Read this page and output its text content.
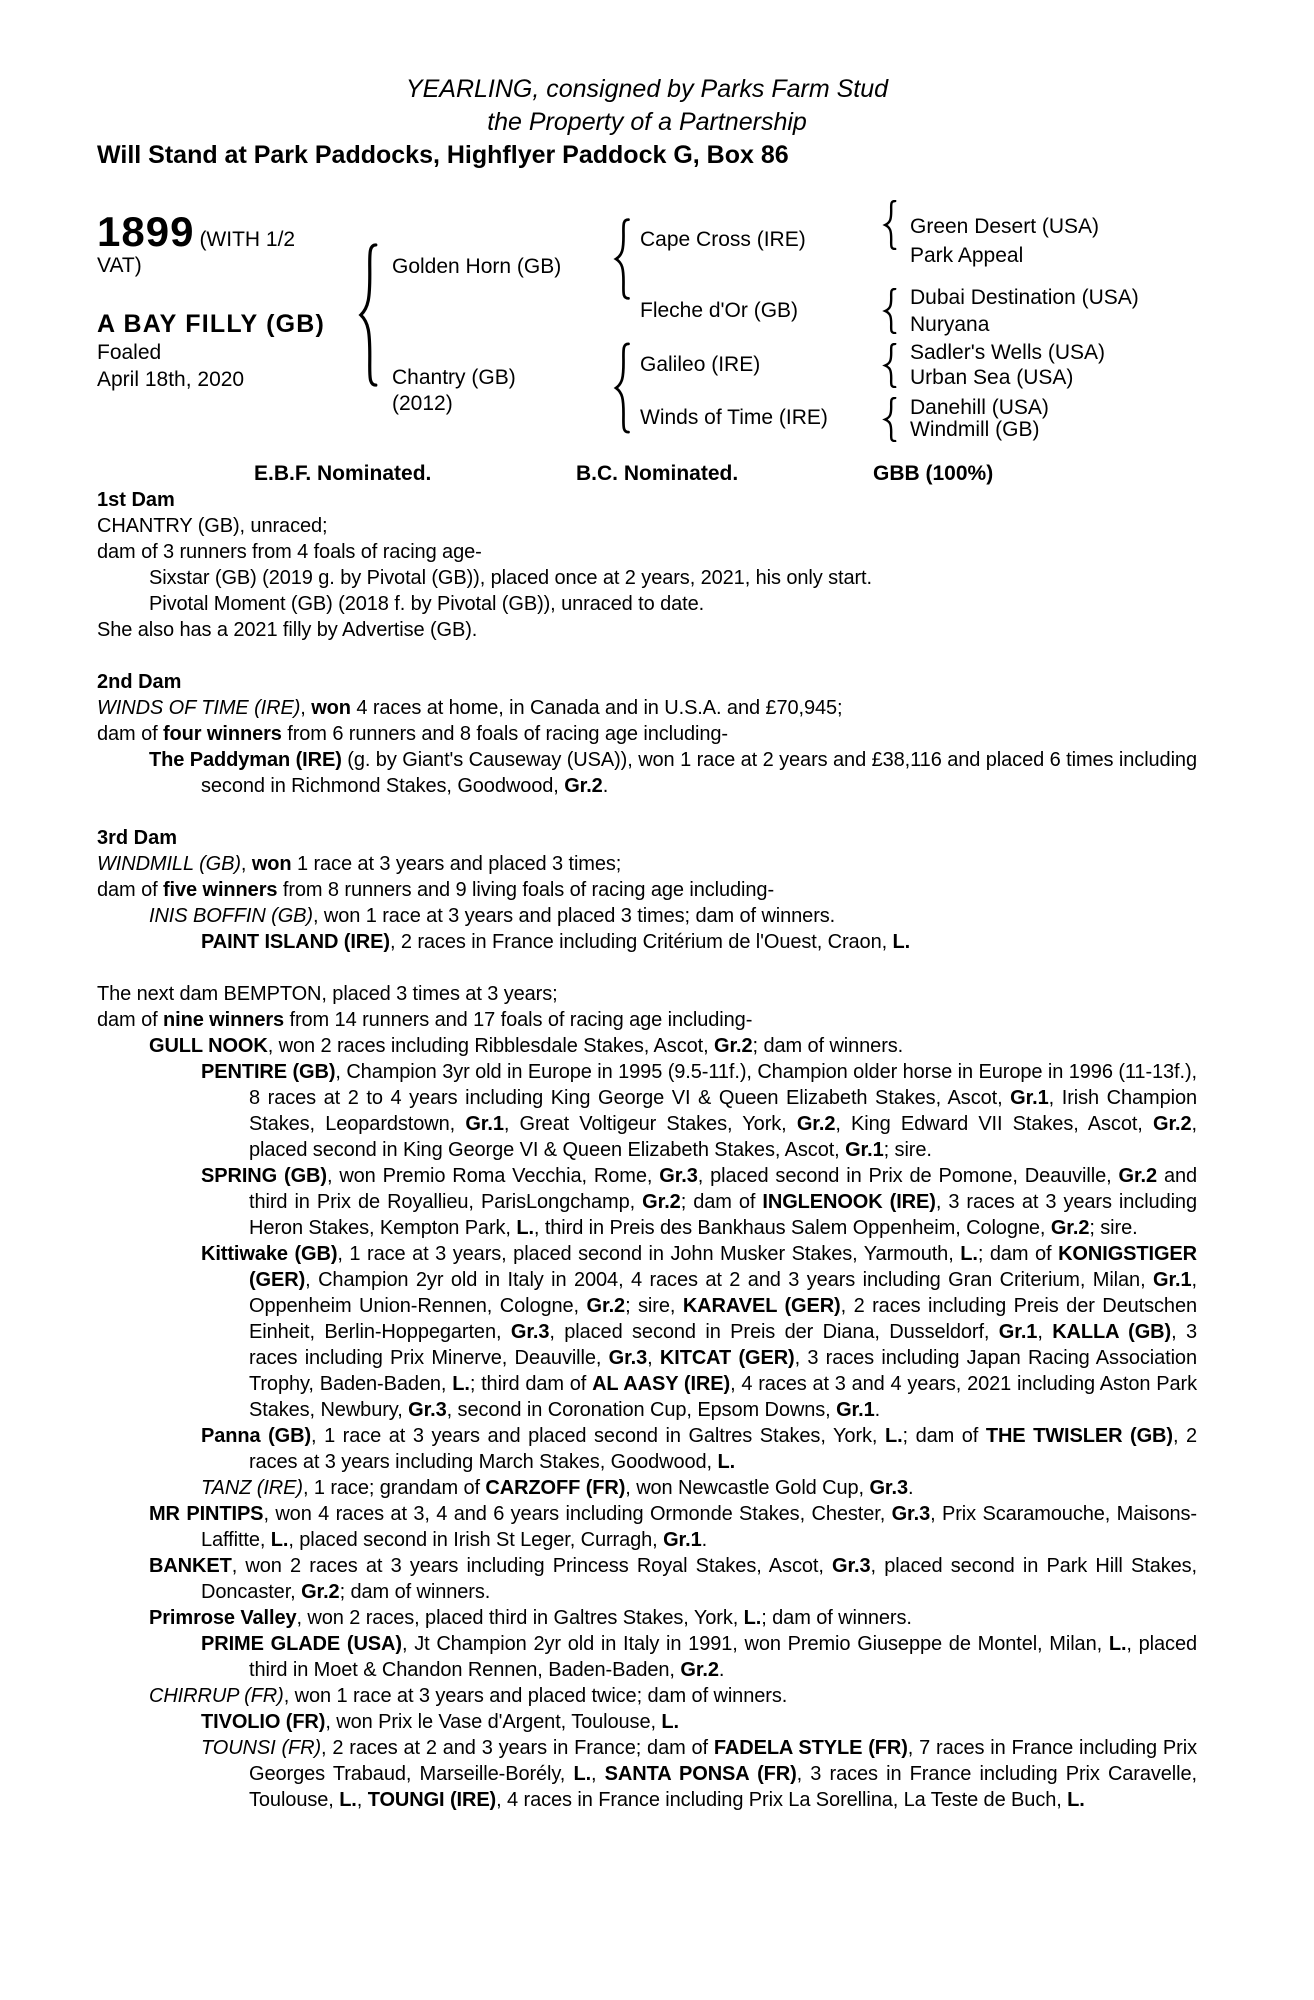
YEARLING, consigned by Parks Farm Stud
the Property of a Partnership
Will Stand at Park Paddocks, Highflyer Paddock G, Box 86
1899 (WITH 1/2 VAT)
A BAY FILLY (GB)
Foaled
April 18th, 2020
Golden Horn (GB)
Chantry (GB)
(2012)
Cape Cross (IRE)
Fleche d'Or (GB)
Galileo (IRE)
Winds of Time (IRE)
Green Desert (USA)
Park Appeal
Dubai Destination (USA)
Nuryana
Sadler's Wells (USA)
Urban Sea (USA)
Danehill (USA)
Windmill (GB)
E.B.F. Nominated.	B.C. Nominated.	GBB (100%)
1st Dam
CHANTRY (GB), unraced;
dam of 3 runners from 4 foals of racing age-
Sixstar (GB) (2019 g. by Pivotal (GB)), placed once at 2 years, 2021, his only start.
Pivotal Moment (GB) (2018 f. by Pivotal (GB)), unraced to date.
She also has a 2021 filly by Advertise (GB).
2nd Dam
WINDS OF TIME (IRE), won 4 races at home, in Canada and in U.S.A. and £70,945;
dam of four winners from 6 runners and 8 foals of racing age including-
The Paddyman (IRE) (g. by Giant's Causeway (USA)), won 1 race at 2 years and £38,116 and placed 6 times including second in Richmond Stakes, Goodwood, Gr.2.
3rd Dam
WINDMILL (GB), won 1 race at 3 years and placed 3 times;
dam of five winners from 8 runners and 9 living foals of racing age including-
INIS BOFFIN (GB), won 1 race at 3 years and placed 3 times; dam of winners.
PAINT ISLAND (IRE), 2 races in France including Critérium de l'Ouest, Craon, L.
The next dam BEMPTON, placed 3 times at 3 years;
dam of nine winners from 14 runners and 17 foals of racing age including-
GULL NOOK, won 2 races including Ribblesdale Stakes, Ascot, Gr.2; dam of winners.
PENTIRE (GB), Champion 3yr old in Europe in 1995 (9.5-11f.), Champion older horse in Europe in 1996 (11-13f.), 8 races at 2 to 4 years including King George VI & Queen Elizabeth Stakes, Ascot, Gr.1, Irish Champion Stakes, Leopardstown, Gr.1, Great Voltigeur Stakes, York, Gr.2, King Edward VII Stakes, Ascot, Gr.2, placed second in King George VI & Queen Elizabeth Stakes, Ascot, Gr.1; sire.
SPRING (GB), won Premio Roma Vecchia, Rome, Gr.3, placed second in Prix de Pomone, Deauville, Gr.2 and third in Prix de Royallieu, ParisLongchamp, Gr.2; dam of INGLENOOK (IRE), 3 races at 3 years including Heron Stakes, Kempton Park, L., third in Preis des Bankhaus Salem Oppenheim, Cologne, Gr.2; sire.
Kittiwake (GB), 1 race at 3 years, placed second in John Musker Stakes, Yarmouth, L.; dam of KONIGSTIGER (GER), Champion 2yr old in Italy in 2004, 4 races at 2 and 3 years including Gran Criterium, Milan, Gr.1, Oppenheim Union-Rennen, Cologne, Gr.2; sire, KARAVEL (GER), 2 races including Preis der Deutschen Einheit, Berlin-Hoppegarten, Gr.3, placed second in Preis der Diana, Dusseldorf, Gr.1, KALLA (GB), 3 races including Prix Minerve, Deauville, Gr.3, KITCAT (GER), 3 races including Japan Racing Association Trophy, Baden-Baden, L.; third dam of AL AASY (IRE), 4 races at 3 and 4 years, 2021 including Aston Park Stakes, Newbury, Gr.3, second in Coronation Cup, Epsom Downs, Gr.1.
Panna (GB), 1 race at 3 years and placed second in Galtres Stakes, York, L.; dam of THE TWISLER (GB), 2 races at 3 years including March Stakes, Goodwood, L.
TANZ (IRE), 1 race; grandam of CARZOFF (FR), won Newcastle Gold Cup, Gr.3.
MR PINTIPS, won 4 races at 3, 4 and 6 years including Ormonde Stakes, Chester, Gr.3, Prix Scaramouche, Maisons-Laffitte, L., placed second in Irish St Leger, Curragh, Gr.1.
BANKET, won 2 races at 3 years including Princess Royal Stakes, Ascot, Gr.3, placed second in Park Hill Stakes, Doncaster, Gr.2; dam of winners.
Primrose Valley, won 2 races, placed third in Galtres Stakes, York, L.; dam of winners.
PRIME GLADE (USA), Jt Champion 2yr old in Italy in 1991, won Premio Giuseppe de Montel, Milan, L., placed third in Moet & Chandon Rennen, Baden-Baden, Gr.2.
CHIRRUP (FR), won 1 race at 3 years and placed twice; dam of winners.
TIVOLIO (FR), won Prix le Vase d'Argent, Toulouse, L.
TOUNSI (FR), 2 races at 2 and 3 years in France; dam of FADELA STYLE (FR), 7 races in France including Prix Georges Trabaud, Marseille-Borély, L., SANTA PONSA (FR), 3 races in France including Prix Caravelle, Toulouse, L., TOUNGI (IRE), 4 races in France including Prix La Sorellina, La Teste de Buch, L.
